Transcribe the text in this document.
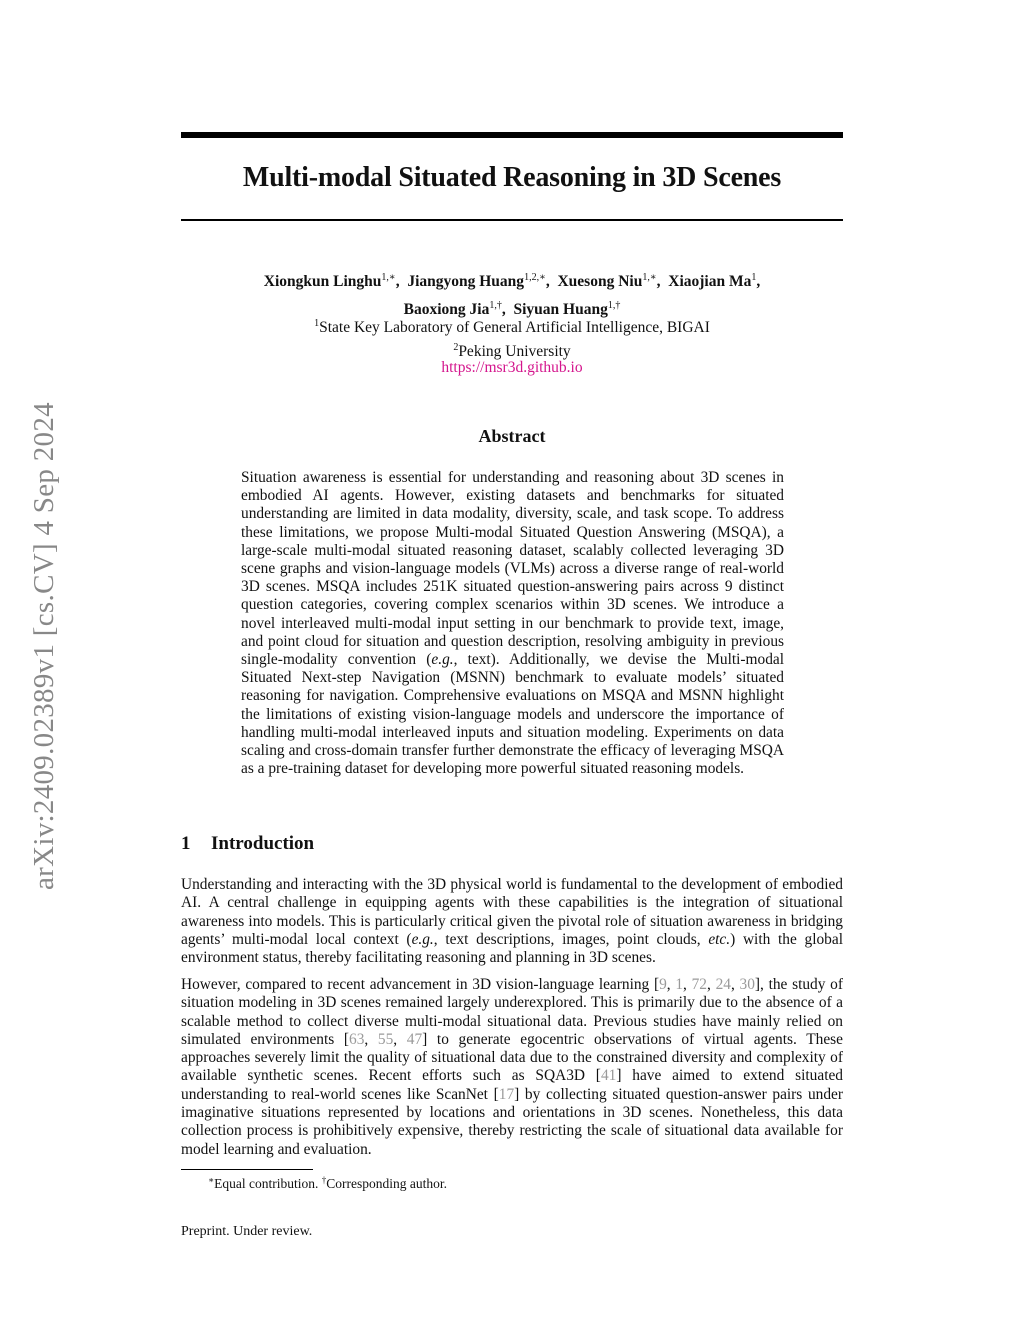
Multi-modal Situated Reasoning in 3D Scenes
Xiongkun Linghu$^{1,∗}$,  Jiangyong Huang$^{1,2,∗}$,  Xuesong Niu$^{1,∗}$,  Xiaojian Ma$^1$,
Baoxiong Jia$^{1,\dagger}$,  Siyuan Huang$^{1,\dagger}$
$^1$State Key Laboratory of General Artificial Intelligence, BIGAI
$^2$Peking University
https://msr3d.github.io
Abstract
Situation awareness is essential for understanding and reasoning about 3D scenes in embodied AI agents. However, existing datasets and benchmarks for situated understanding are limited in data modality, diversity, scale, and task scope. To address these limitations, we propose Multi-modal Situated Question Answering (MSQA), a large-scale multi-modal situated reasoning dataset, scalably collected leveraging 3D scene graphs and vision-language models (VLMs) across a diverse range of real-world 3D scenes. MSQA includes 251K situated question-answering pairs across 9 distinct question categories, covering complex scenarios within 3D scenes. We introduce a novel interleaved multi-modal input setting in our benchmark to provide text, image, and point cloud for situation and question description, resolving ambiguity in previous single-modality convention (e.g., text). Additionally, we devise the Multi-modal Situated Next-step Navigation (MSNN) benchmark to evaluate models’ situated reasoning for navigation. Comprehensive evaluations on MSQA and MSNN highlight the limitations of existing vision-language models and underscore the importance of handling multi-modal interleaved inputs and situation modeling. Experiments on data scaling and cross-domain transfer further demonstrate the efficacy of leveraging MSQA as a pre-training dataset for developing more powerful situated reasoning models.
1 Introduction
Understanding and interacting with the 3D physical world is fundamental to the development of embodied AI. A central challenge in equipping agents with these capabilities is the integration of situational awareness into models. This is particularly critical given the pivotal role of situation awareness in bridging agents’ multi-modal local context (e.g., text descriptions, images, point clouds, etc.) with the global environment status, thereby facilitating reasoning and planning in 3D scenes.
However, compared to recent advancement in 3D vision-language learning [9, 1, 72, 24, 30], the study of situation modeling in 3D scenes remained largely underexplored. This is primarily due to the absence of a scalable method to collect diverse multi-modal situational data. Previous studies have mainly relied on simulated environments [63, 55, 47] to generate egocentric observations of virtual agents. These approaches severely limit the quality of situational data due to the constrained diversity and complexity of available synthetic scenes. Recent efforts such as SQA3D [41] have aimed to extend situated understanding to real-world scenes like ScanNet [17] by collecting situated question-answer pairs under imaginative situations represented by locations and orientations in 3D scenes. Nonetheless, this data collection process is prohibitively expensive, thereby restricting the scale of situational data available for model learning and evaluation.
∗Equal contribution. †Corresponding author.
Preprint. Under review.
arXiv:2409.02389v1 [cs.CV] 4 Sep 2024
